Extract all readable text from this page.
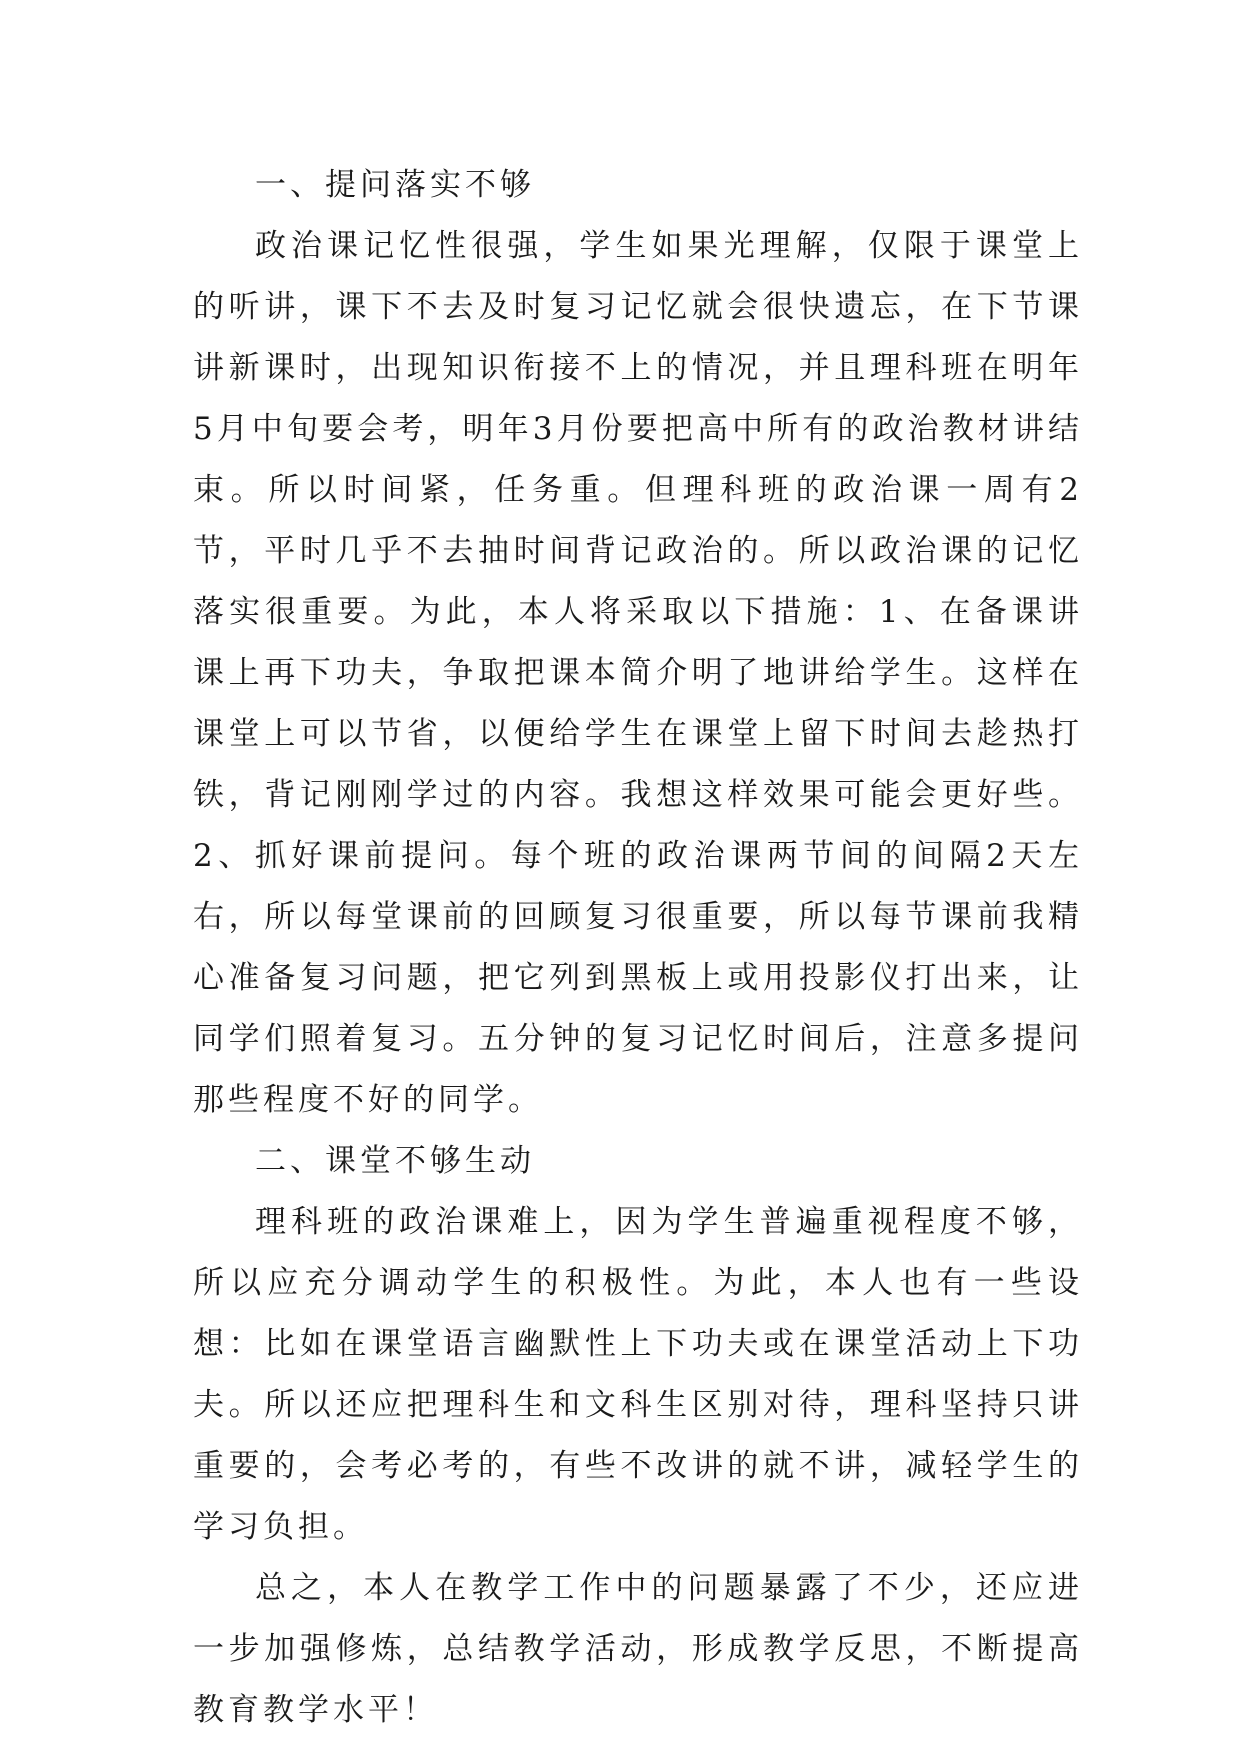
一、提问落实不够

政治课记忆性很强，学生如果光理解，仅限于课堂上的听讲，课下不去及时复习记忆就会很快遗忘，在下节课讲新课时，出现知识衔接不上的情况，并且理科班在明年5月中旬要会考，明年3月份要把高中所有的政治教材讲结束。所以时间紧，任务重。但理科班的政治课一周有2节，平时几乎不去抽时间背记政治的。所以政治课的记忆落实很重要。为此，本人将采取以下措施：1、在备课讲课上再下功夫，争取把课本简介明了地讲给学生。这样在课堂上可以节省，以便给学生在课堂上留下时间去趁热打铁，背记刚刚学过的内容。我想这样效果可能会更好些。2、抓好课前提问。每个班的政治课两节间的间隔2天左右，所以每堂课前的回顾复习很重要，所以每节课前我精心准备复习问题，把它列到黑板上或用投影仪打出来，让同学们照着复习。五分钟的复习记忆时间后，注意多提问那些程度不好的同学。

二、课堂不够生动

理科班的政治课难上，因为学生普遍重视程度不够，所以应充分调动学生的积极性。为此，本人也有一些设想：比如在课堂语言幽默性上下功夫或在课堂活动上下功夫。所以还应把理科生和文科生区别对待，理科坚持只讲重要的，会考必考的，有些不改讲的就不讲，减轻学生的学习负担。

总之，本人在教学工作中的问题暴露了不少，还应进一步加强修炼，总结教学活动，形成教学反思，不断提高教育教学水平！
